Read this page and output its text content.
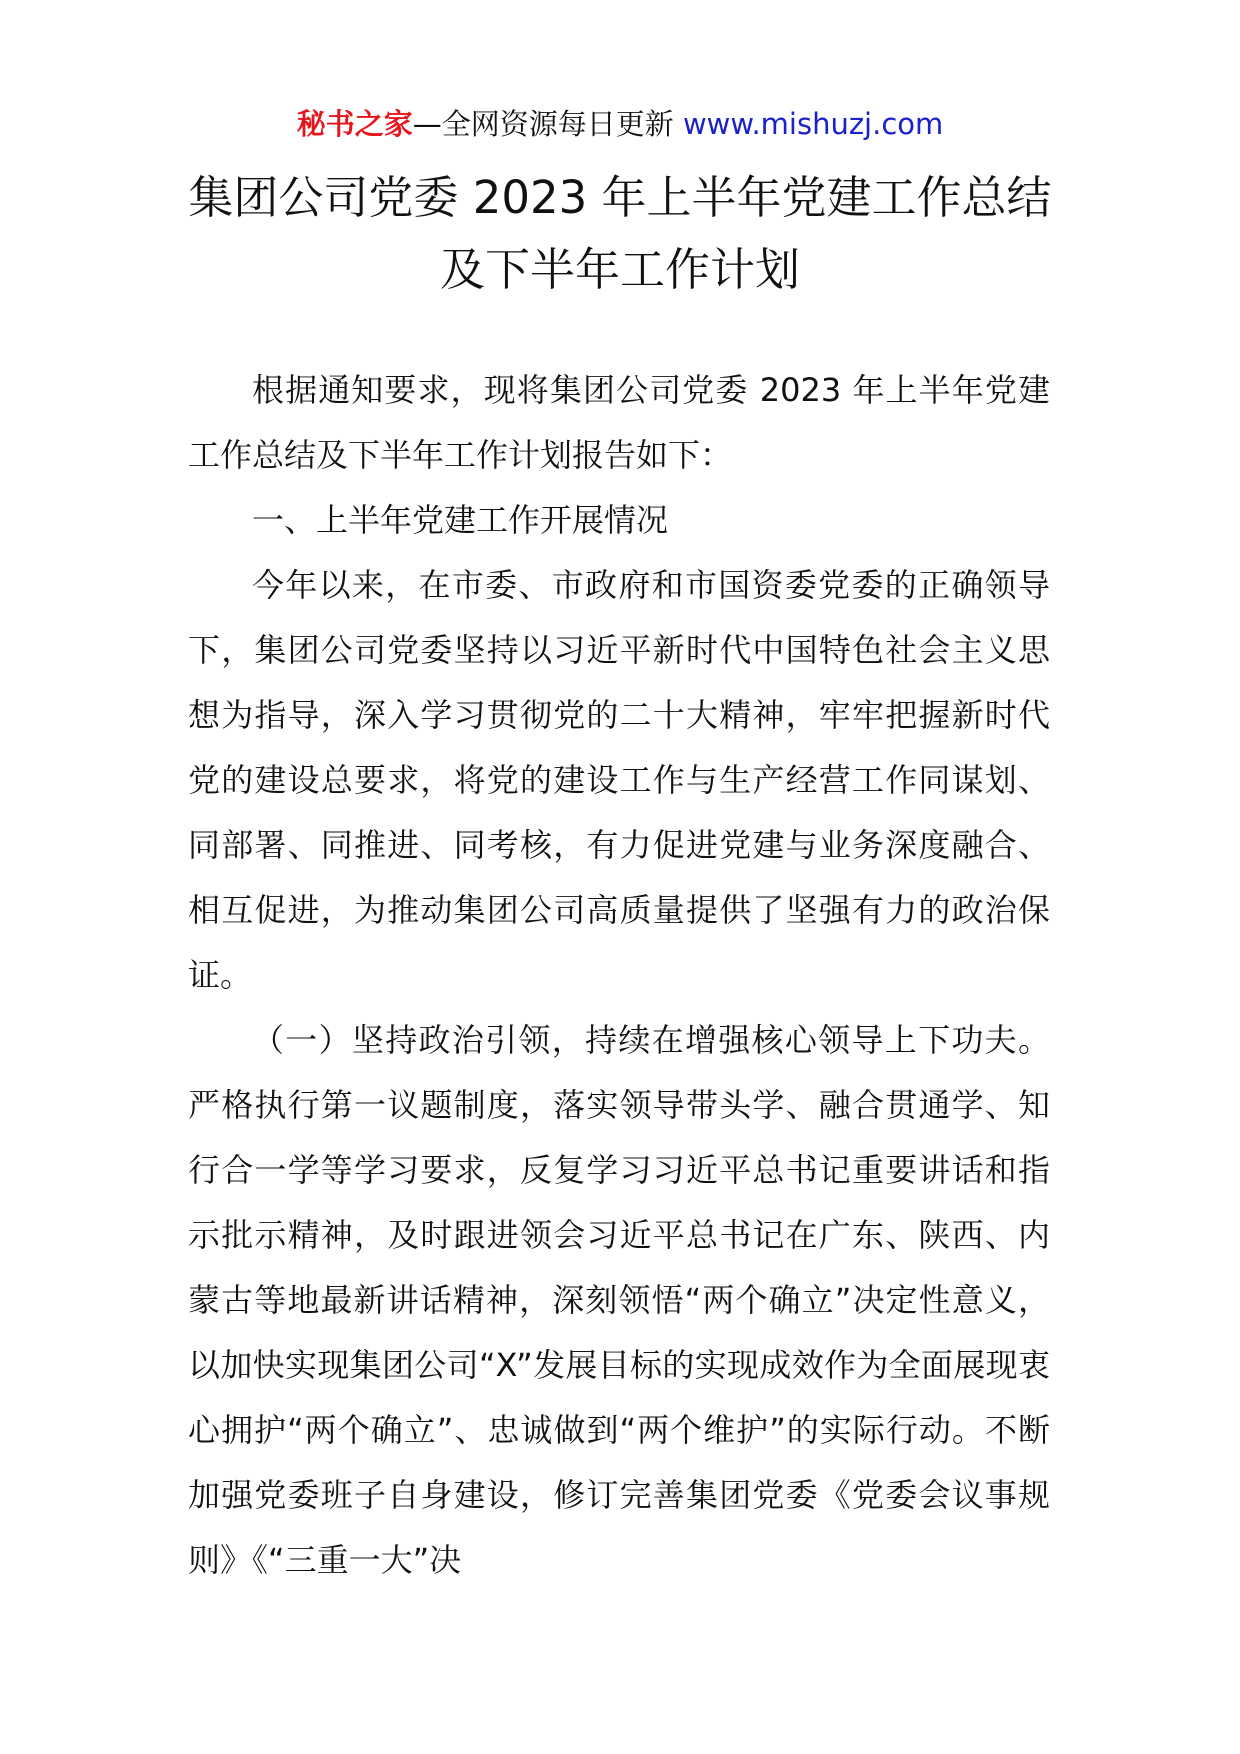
秘书之家—全网资源每日更新 www.mishuzj.com
集团公司党委 2023 年上半年党建工作总结
及下半年工作计划

根据通知要求，现将集团公司党委 2023 年上半年党建工作总结及下半年工作计划报告如下：

一、上半年党建工作开展情况

今年以来，在市委、市政府和市国资委党委的正确领导下，集团公司党委坚持以习近平新时代中国特色社会主义思想为指导，深入学习贯彻党的二十大精神，牢牢把握新时代党的建设总要求，将党的建设工作与生产经营工作同谋划、同部署、同推进、同考核，有力促进党建与业务深度融合、相互促进，为推动集团公司高质量提供了坚强有力的政治保证。

（一）坚持政治引领，持续在增强核心领导上下功夫。严格执行第一议题制度，落实领导带头学、融合贯通学、知行合一学等学习要求，反复学习习近平总书记重要讲话和指示批示精神，及时跟进领会习近平总书记在广东、陕西、内蒙古等地最新讲话精神，深刻领悟“两个确立”决定性意义，以加快实现集团公司“X”发展目标的实现成效作为全面展现衷心拥护“两个确立”、忠诚做到“两个维护”的实际行动。不断加强党委班子自身建设，修订完善集团党委《党委会议事规则》《“三重一大”决
